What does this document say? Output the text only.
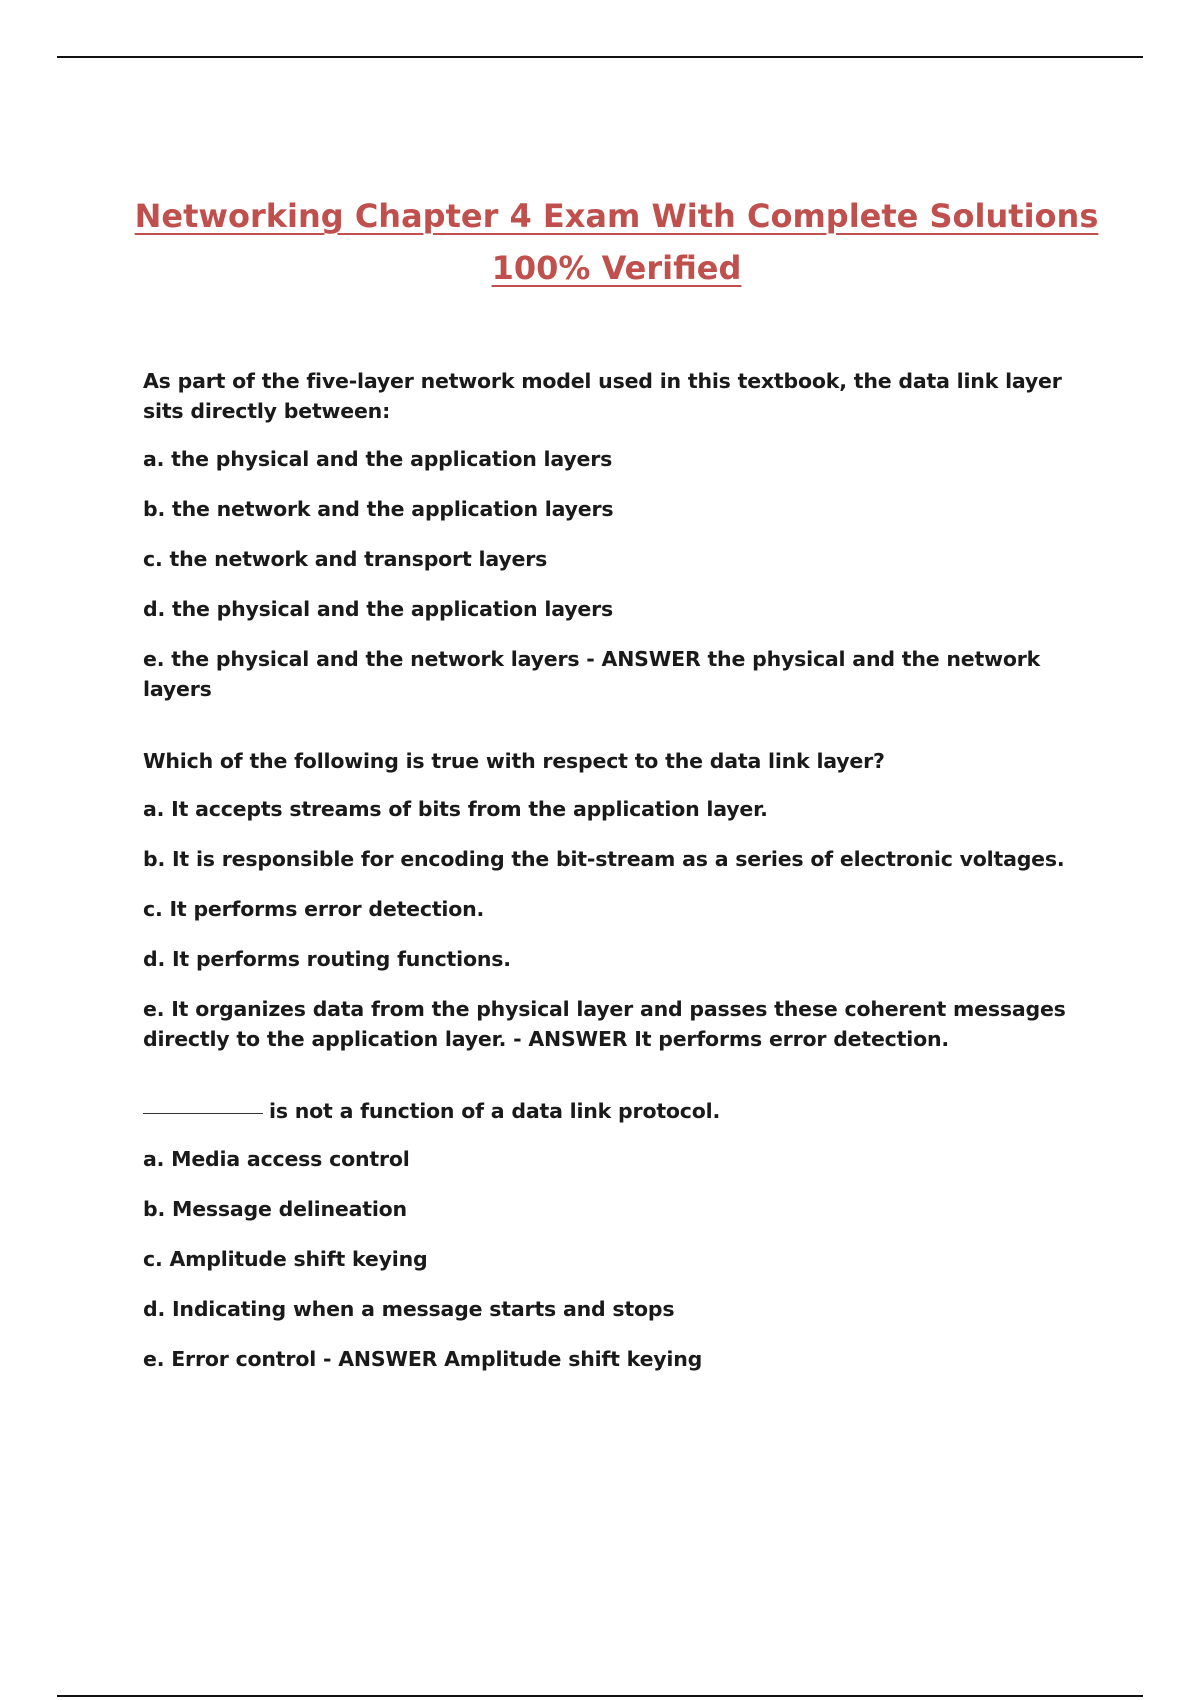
Networking Chapter 4 Exam With Complete Solutions
100% Verified

As part of the five-layer network model used in this textbook, the data link layer sits directly between:

a. the physical and the application layers

b. the network and the application layers

c. the network and transport layers

d. the physical and the application layers

e. the physical and the network layers - ANSWER the physical and the network layers

Which of the following is true with respect to the data link layer?

a. It accepts streams of bits from the application layer.

b. It is responsible for encoding the bit-stream as a series of electronic voltages.

c. It performs error detection.

d. It performs routing functions.

e. It organizes data from the physical layer and passes these coherent messages directly to the application layer. - ANSWER It performs error detection.

is not a function of a data link protocol.

a. Media access control

b. Message delineation

c. Amplitude shift keying

d. Indicating when a message starts and stops

e. Error control - ANSWER Amplitude shift keying
